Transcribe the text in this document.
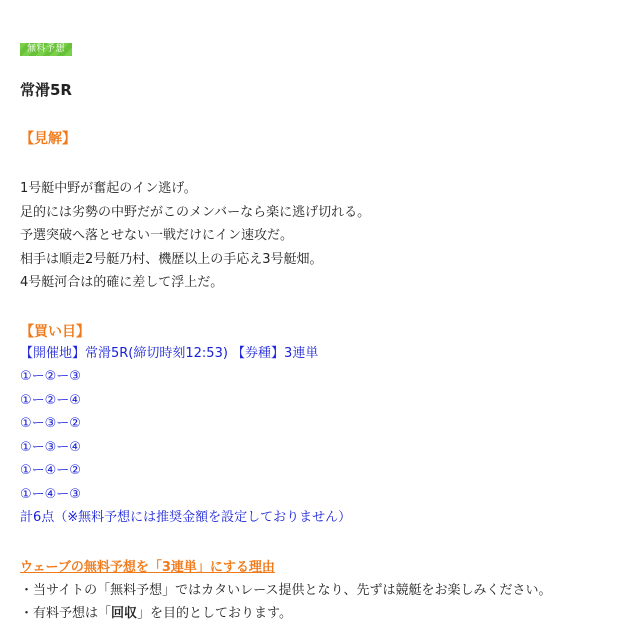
無料予想
常滑5R
【見解】
1号艇中野が奮起のイン逃げ。
足的には劣勢の中野だがこのメンバーなら楽に逃げ切れる。
予選突破へ落とせない一戦だけにイン速攻だ。
相手は順走2号艇乃村、機歴以上の手応え3号艇畑。
4号艇河合は的確に差して浮上だ。
【買い目】
【開催地】常滑5R(締切時刻12:53) 【券種】3連単
①ー②ー③
①ー②ー④
①ー③ー②
①ー③ー④
①ー④ー②
①ー④ー③
計6点（※無料予想には推奨金額を設定しておりません）
ウェーブの無料予想を「3連単」にする理由
・当サイトの「無料予想」ではカタいレース提供となり、先ずは競艇をお楽しみください。
・有料予想は「回収」を目的としております。
